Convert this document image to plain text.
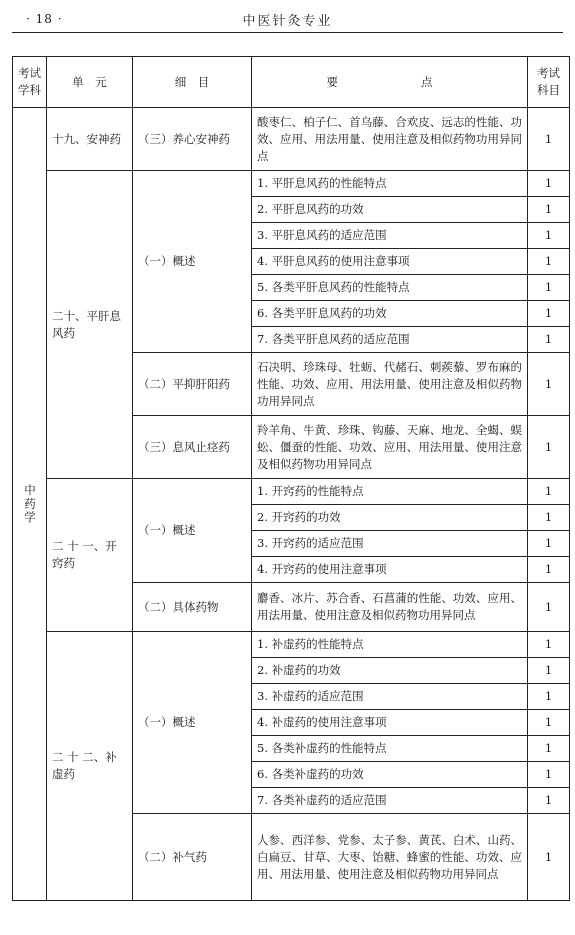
· 18 ·	中医针灸专业
考试学科	单　元	细　目	要　　点	考试科目
中药学	十九、安神药	（三）养心安神药	酸枣仁、柏子仁、首乌藤、合欢皮、远志的性能、功效、应用、用法用量、使用注意及相似药物功用异同点	1
	二十、平肝息风药	（一）概述	1. 平肝息风药的性能特点	1
			2. 平肝息风药的功效	1
			3. 平肝息风药的适应范围	1
			4. 平肝息风药的使用注意事项	1
			5. 各类平肝息风药的性能特点	1
			6. 各类平肝息风药的功效	1
			7. 各类平肝息风药的适应范围	1
		（二）平抑肝阳药	石决明、珍珠母、牡蛎、代赭石、刺蒺藜、罗布麻的性能、功效、应用、用法用量、使用注意及相似药物功用异同点	1
		（三）息风止痉药	羚羊角、牛黄、珍珠、钩藤、天麻、地龙、全蝎、蜈蚣、僵蚕的性能、功效、应用、用法用量、使用注意及相似药物功用异同点	1
	二 十 一、开窍药	（一）概述	1. 开窍药的性能特点	1
			2. 开窍药的功效	1
			3. 开窍药的适应范围	1
			4. 开窍药的使用注意事项	1
		（二）具体药物	麝香、冰片、苏合香、石菖蒲的性能、功效、应用、用法用量、使用注意及相似药物功用异同点	1
	二 十 二、补虚药	（一）概述	1. 补虚药的性能特点	1
			2. 补虚药的功效	1
			3. 补虚药的适应范围	1
			4. 补虚药的使用注意事项	1
			5. 各类补虚药的性能特点	1
			6. 各类补虚药的功效	1
			7. 各类补虚药的适应范围	1
		（二）补气药	人参、西洋参、党参、太子参、黄芪、白术、山药、白扁豆、甘草、大枣、饴糖、蜂蜜的性能、功效、应用、用法用量、使用注意及相似药物功用异同点	1
